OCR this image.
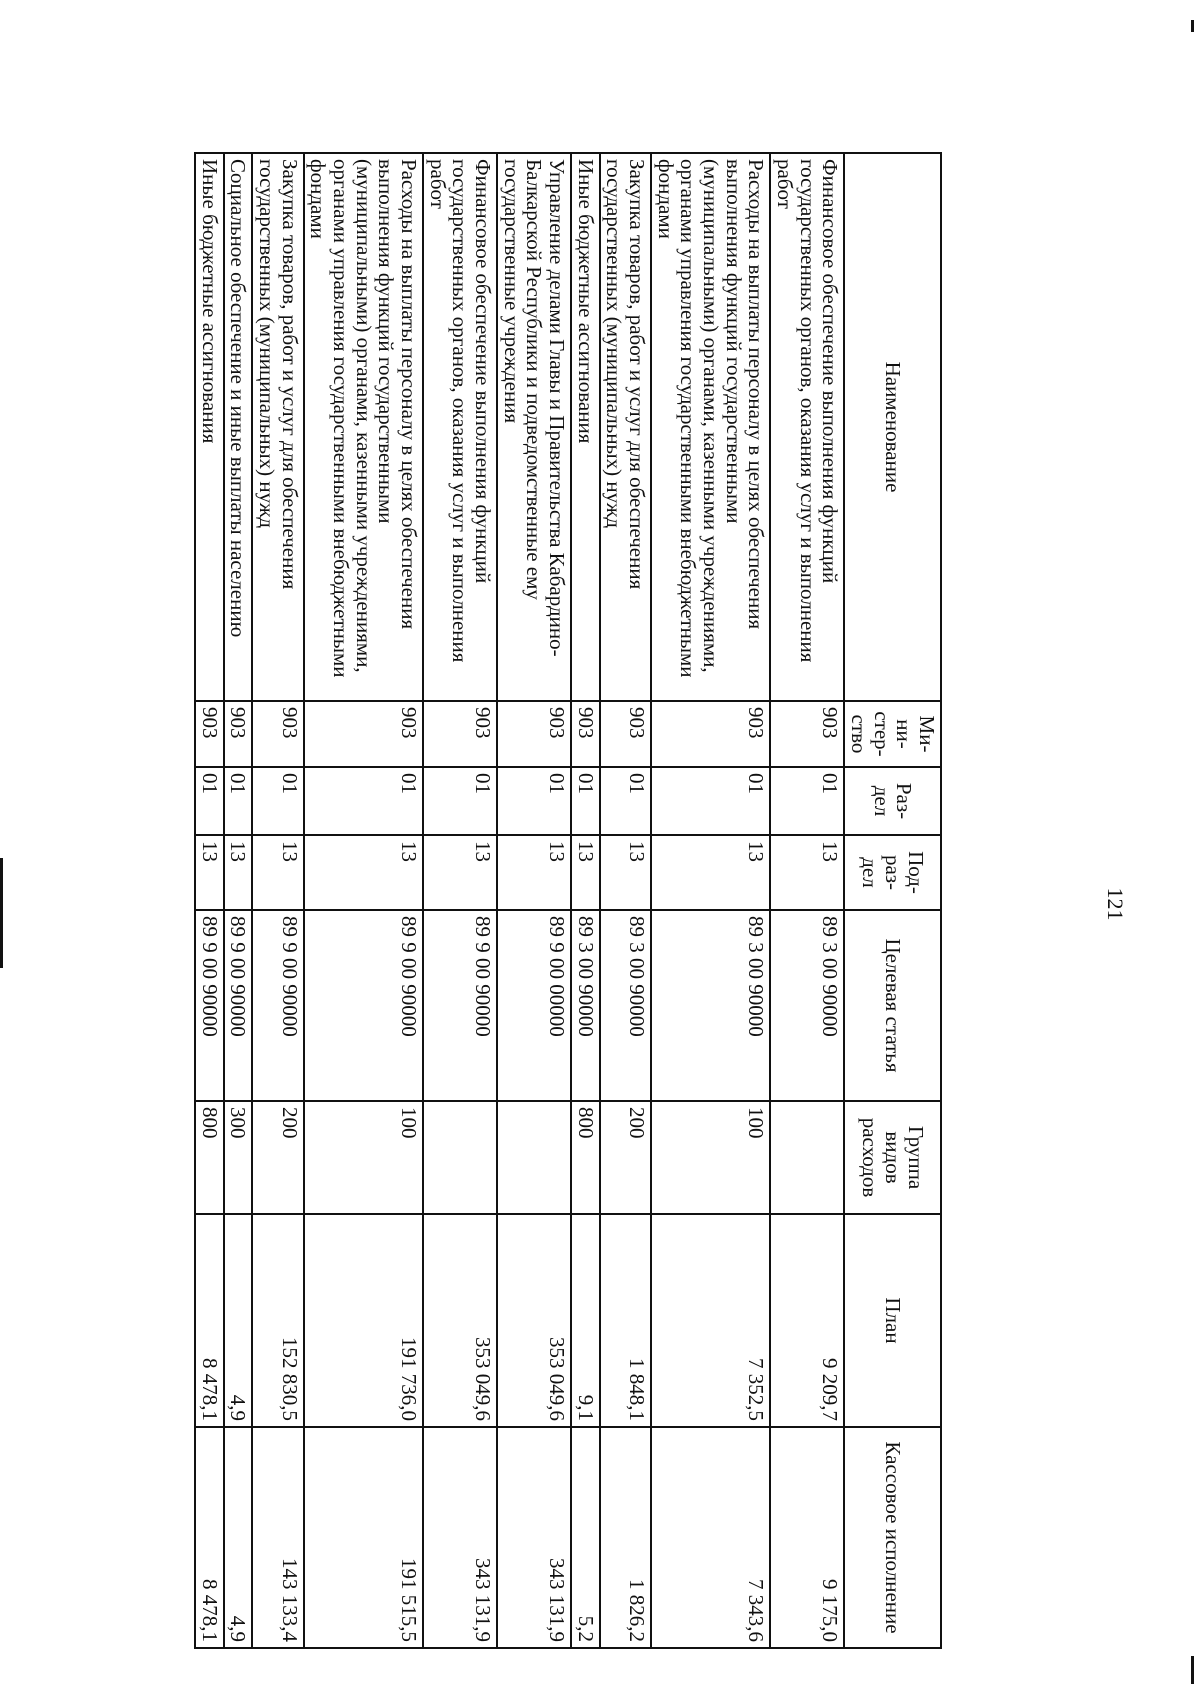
121
Наименование	Ми-ни-стер-ство	Раз-дел	Под-раз-дел	Целевая статья	Группа видов расходов	План	Кассовое исполнение
Финансовое обеспечение выполнения функций государственных органов, оказания услуг и выполнения работ	903	01	13	89 3 00 90000		9 209,7	9 175,0
Расходы на выплаты персоналу в целях обеспечения выполнения функций государственными (муниципальными) органами, казенными учреждениями, органами управления государственными внебюджетными фондами	903	01	13	89 3 00 90000	100	7 352,5	7 343,6
Закупка товаров, работ и услуг для обеспечения государственных (муниципальных) нужд	903	01	13	89 3 00 90000	200	1 848,1	1 826,2
Иные бюджетные ассигнования	903	01	13	89 3 00 90000	800	9,1	5,2
Управление делами Главы и Правительства Кабардино-Балкарской Республики и подведомственные ему государственные учреждения	903	01	13	89 9 00 00000		353 049,6	343 131,9
Финансовое обеспечение выполнения функций государственных органов, оказания услуг и выполнения работ	903	01	13	89 9 00 90000		353 049,6	343 131,9
Расходы на выплаты персоналу в целях обеспечения выполнения функций государственными (муниципальными) органами, казенными учреждениями, органами управления государственными внебюджетными фондами	903	01	13	89 9 00 90000	100	191 736,0	191 515,5
Закупка товаров, работ и услуг для обеспечения государственных (муниципальных) нужд	903	01	13	89 9 00 90000	200	152 830,5	143 133,4
Социальное обеспечение и иные выплаты населению	903	01	13	89 9 00 90000	300	4,9	4,9
Иные бюджетные ассигнования	903	01	13	89 9 00 90000	800	8 478,1	8 478,1
